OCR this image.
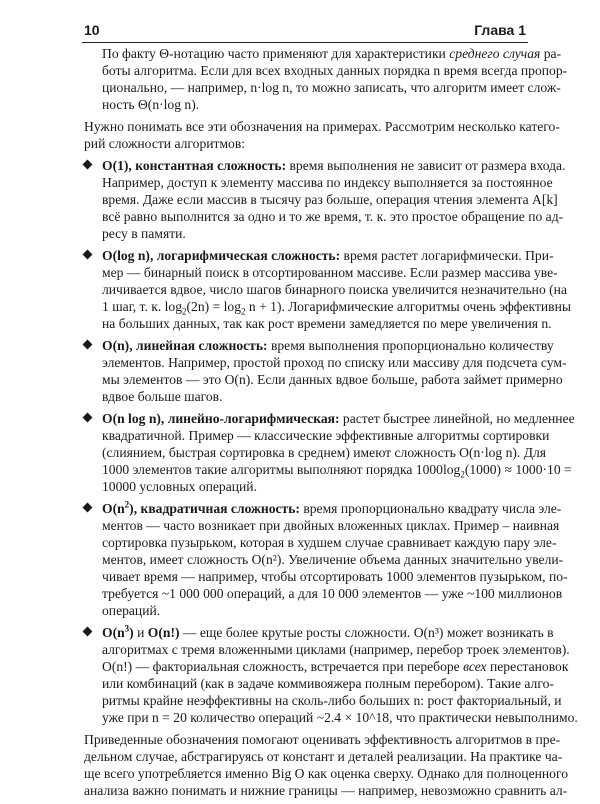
10	Глава 1
По факту Θ-нотацию часто применяют для характеристики среднего случая ра-
боты алгоритма. Если для всех входных данных порядка n время всегда пропор-
ционально, — например, n·log n, то можно записать, что алгоритм имеет слож-
ность Θ(n·log n).
Нужно понимать все эти обозначения на примерах. Рассмотрим несколько катего-
рий сложности алгоритмов:
O(1), константная сложность: время выполнения не зависит от размера входа.
Например, доступ к элементу массива по индексу выполняется за постоянное
время. Даже если массив в тысячу раз больше, операция чтения элемента A[k]
всё равно выполнится за одно и то же время, т. к. это простое обращение по ад-
ресу в памяти.
O(log n), логарифмическая сложность: время растет логарифмически. При-
мер — бинарный поиск в отсортированном массиве. Если размер массива уве-
личивается вдвое, число шагов бинарного поиска увеличится незначительно (на
1 шаг, т. к. $\log_2(2n) = \log_2 n + 1$). Логарифмические алгоритмы очень эффективны
на больших данных, так как рост времени замедляется по мере увеличения n.
O(n), линейная сложность: время выполнения пропорционально количеству
элементов. Например, простой проход по списку или массиву для подсчета сум-
мы элементов — это O(n). Если данных вдвое больше, работа займет примерно
вдвое больше шагов.
O(n log n), линейно-логарифмическая: растет быстрее линейной, но медленнее
квадратичной. Пример — классические эффективные алгоритмы сортировки
(слиянием, быстрая сортировка в среднем) имеют сложность O(n·log n). Для
1000 элементов такие алгоритмы выполняют порядка $1000\log_2(1000) \approx 1000\cdot 10$ =
10000 условных операций.
$O(n^2)$, квадратичная сложность: время пропорционально квадрату числа эле-
ментов — часто возникает при двойных вложенных циклах. Пример – наивная
сортировка пузырьком, которая в худшем случае сравнивает каждую пару эле-
ментов, имеет сложность O(n²). Увеличение объема данных значительно увели-
чивает время — например, чтобы отсортировать 1000 элементов пузырьком, по-
требуется ~1 000 000 операций, а для 10 000 элементов — уже ~100 миллионов
операций.
$O(n^3)$ и O(n!) — еще более крутые росты сложности. O(n³) может возникать в
алгоритмах с тремя вложенными циклами (например, перебор троек элементов).
O(n!) — факториальная сложность, встречается при переборе всех перестановок
или комбинаций (как в задаче коммивояжера полным перебором). Такие алго-
ритмы крайне неэффективны на сколь-либо больших n: рост факториальный, и
уже при n = 20 количество операций ~2.4 × 10^18, что практически невыполнимо.
Приведенные обозначения помогают оценивать эффективность алгоритмов в пре-
дельном случае, абстрагируясь от констант и деталей реализации. На практике ча-
ще всего употребляется именно Big O как оценка сверху. Однако для полноценного
анализа важно понимать и нижние границы — например, невозможно сравнить ал-
